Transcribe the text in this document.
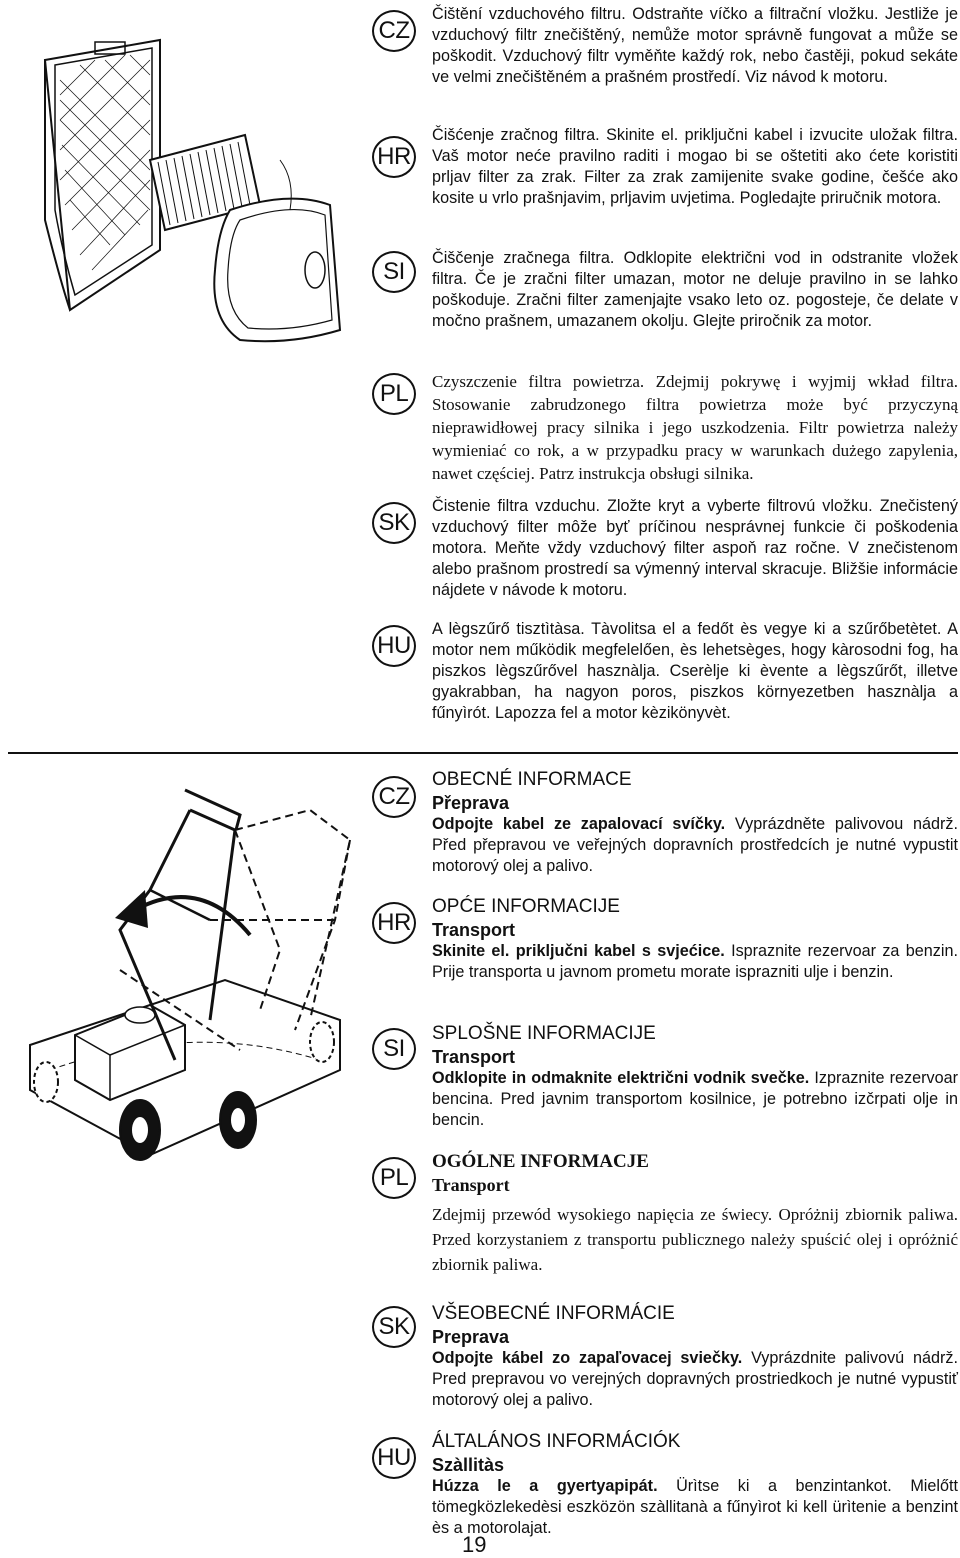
CZ
HR
SI
PL
SK
HU
Čištění vzduchového filtru. Odstraňte víčko a filtrační vložku. Jestliže je vzduchový filtr znečištěný, nemůže motor správně fungovat a může se poškodit. Vzduchový filtr vyměňte každý rok, nebo častěji, pokud sekáte ve velmi znečištěném a prašném prostředí. Viz návod k motoru.
Čišćenje zračnog filtra. Skinite el. priključni kabel i izvucite uložak filtra. Vaš motor neće pravilno raditi i mogao bi se oštetiti ako ćete koristiti prljav filter za zrak. Filter za zrak zamijenite svake godine, češće ako kosite u vrlo prašnjavim, prljavim uvjetima. Pogledajte priručnik motora.
Čiščenje zračnega filtra. Odklopite električni vod in odstranite vložek filtra. Če je zračni filter umazan, motor ne deluje pravilno in se lahko poškoduje. Zračni filter zamenjajte vsako leto oz. pogosteje, če delate v močno prašnem, umazanem okolju. Glejte priročnik za motor.
Czyszczenie filtra powietrza. Zdejmij pokrywę i wyjmij wkład filtra. Stosowanie zabrudzonego filtra powietrza może być przyczyną nieprawidłowej pracy silnika i jego uszkodzenia. Filtr powietrza należy wymieniać co rok, a w przypadku pracy w warunkach dużego zapylenia, nawet częściej. Patrz instrukcja obsługi silnika.
Čistenie filtra vzduchu. Zložte kryt a vyberte filtrovú vložku. Znečistený vzduchový filter môže byť príčinou nesprávnej funkcie či poškodenia motora. Meňte vždy vzduchový filter aspoň raz ročne. V znečistenom alebo prašnom prostredí sa výmenný interval skracuje. Bližšie informácie nájdete v návode k motoru.
A lègszűrő tisztìtàsa. Tàvolitsa el a fedőt ès vegye ki a szűrőbetètet. A motor nem működik megfelelően, ès lehetsèges, hogy kàrosodni fog, ha piszkos lègszűrővel hasznàlja. Cserèlje ki èvente a lègszűrőt, illetve gyakrabban, ha nagyon poros, piszkos környezetben hasznàlja a fűnyìrót. Lapozza fel a motor kèzikönyvèt.
CZ
HR
SI
PL
SK
HU
OBECNÉ INFORMACE
Přeprava
Odpojte kabel ze zapalovací svíčky. Vyprázdněte palivovou nádrž. Před přepravou ve veřejných dopravních prostředcích je nutné vypustit motorový olej a palivo.
OPĆE INFORMACIJE
Transport
Skinite el. priključni kabel s svjećice. Ispraznite rezervoar za benzin. Prije transporta u javnom prometu morate isprazniti ulje i benzin.
SPLOŠNE INFORMACIJE
Transport
Odklopite in odmaknite električni vodnik svečke. Izpraznite rezervoar bencina. Pred javnim transportom kosilnice, je potrebno izčrpati olje in bencin.
OGÓLNE INFORMACJE
Transport
Zdejmij przewód wysokiego napięcia ze świecy. Opróżnij zbiornik paliwa. Przed korzystaniem z transportu publicznego należy spuścić olej i opróżnić zbiornik paliwa.
VŠEOBECNÉ INFORMÁCIE
Preprava
Odpojte kábel zo zapaľovacej sviečky. Vyprázdnite palivovú nádrž. Pred prepravou vo verejných dopravných prostriedkoch je nutné vypustiť motorový olej a palivo.
ÁLTALÁNOS INFORMÁCIÓK
Szàllitàs
Húzza le a gyertyapipát. Ürìtse ki a benzintankot. Mielőtt tömegközlekedèsi eszközön szàllitanà a fűnyìrot ki kell ürìtenie a benzint ès a motorolajat.
19
